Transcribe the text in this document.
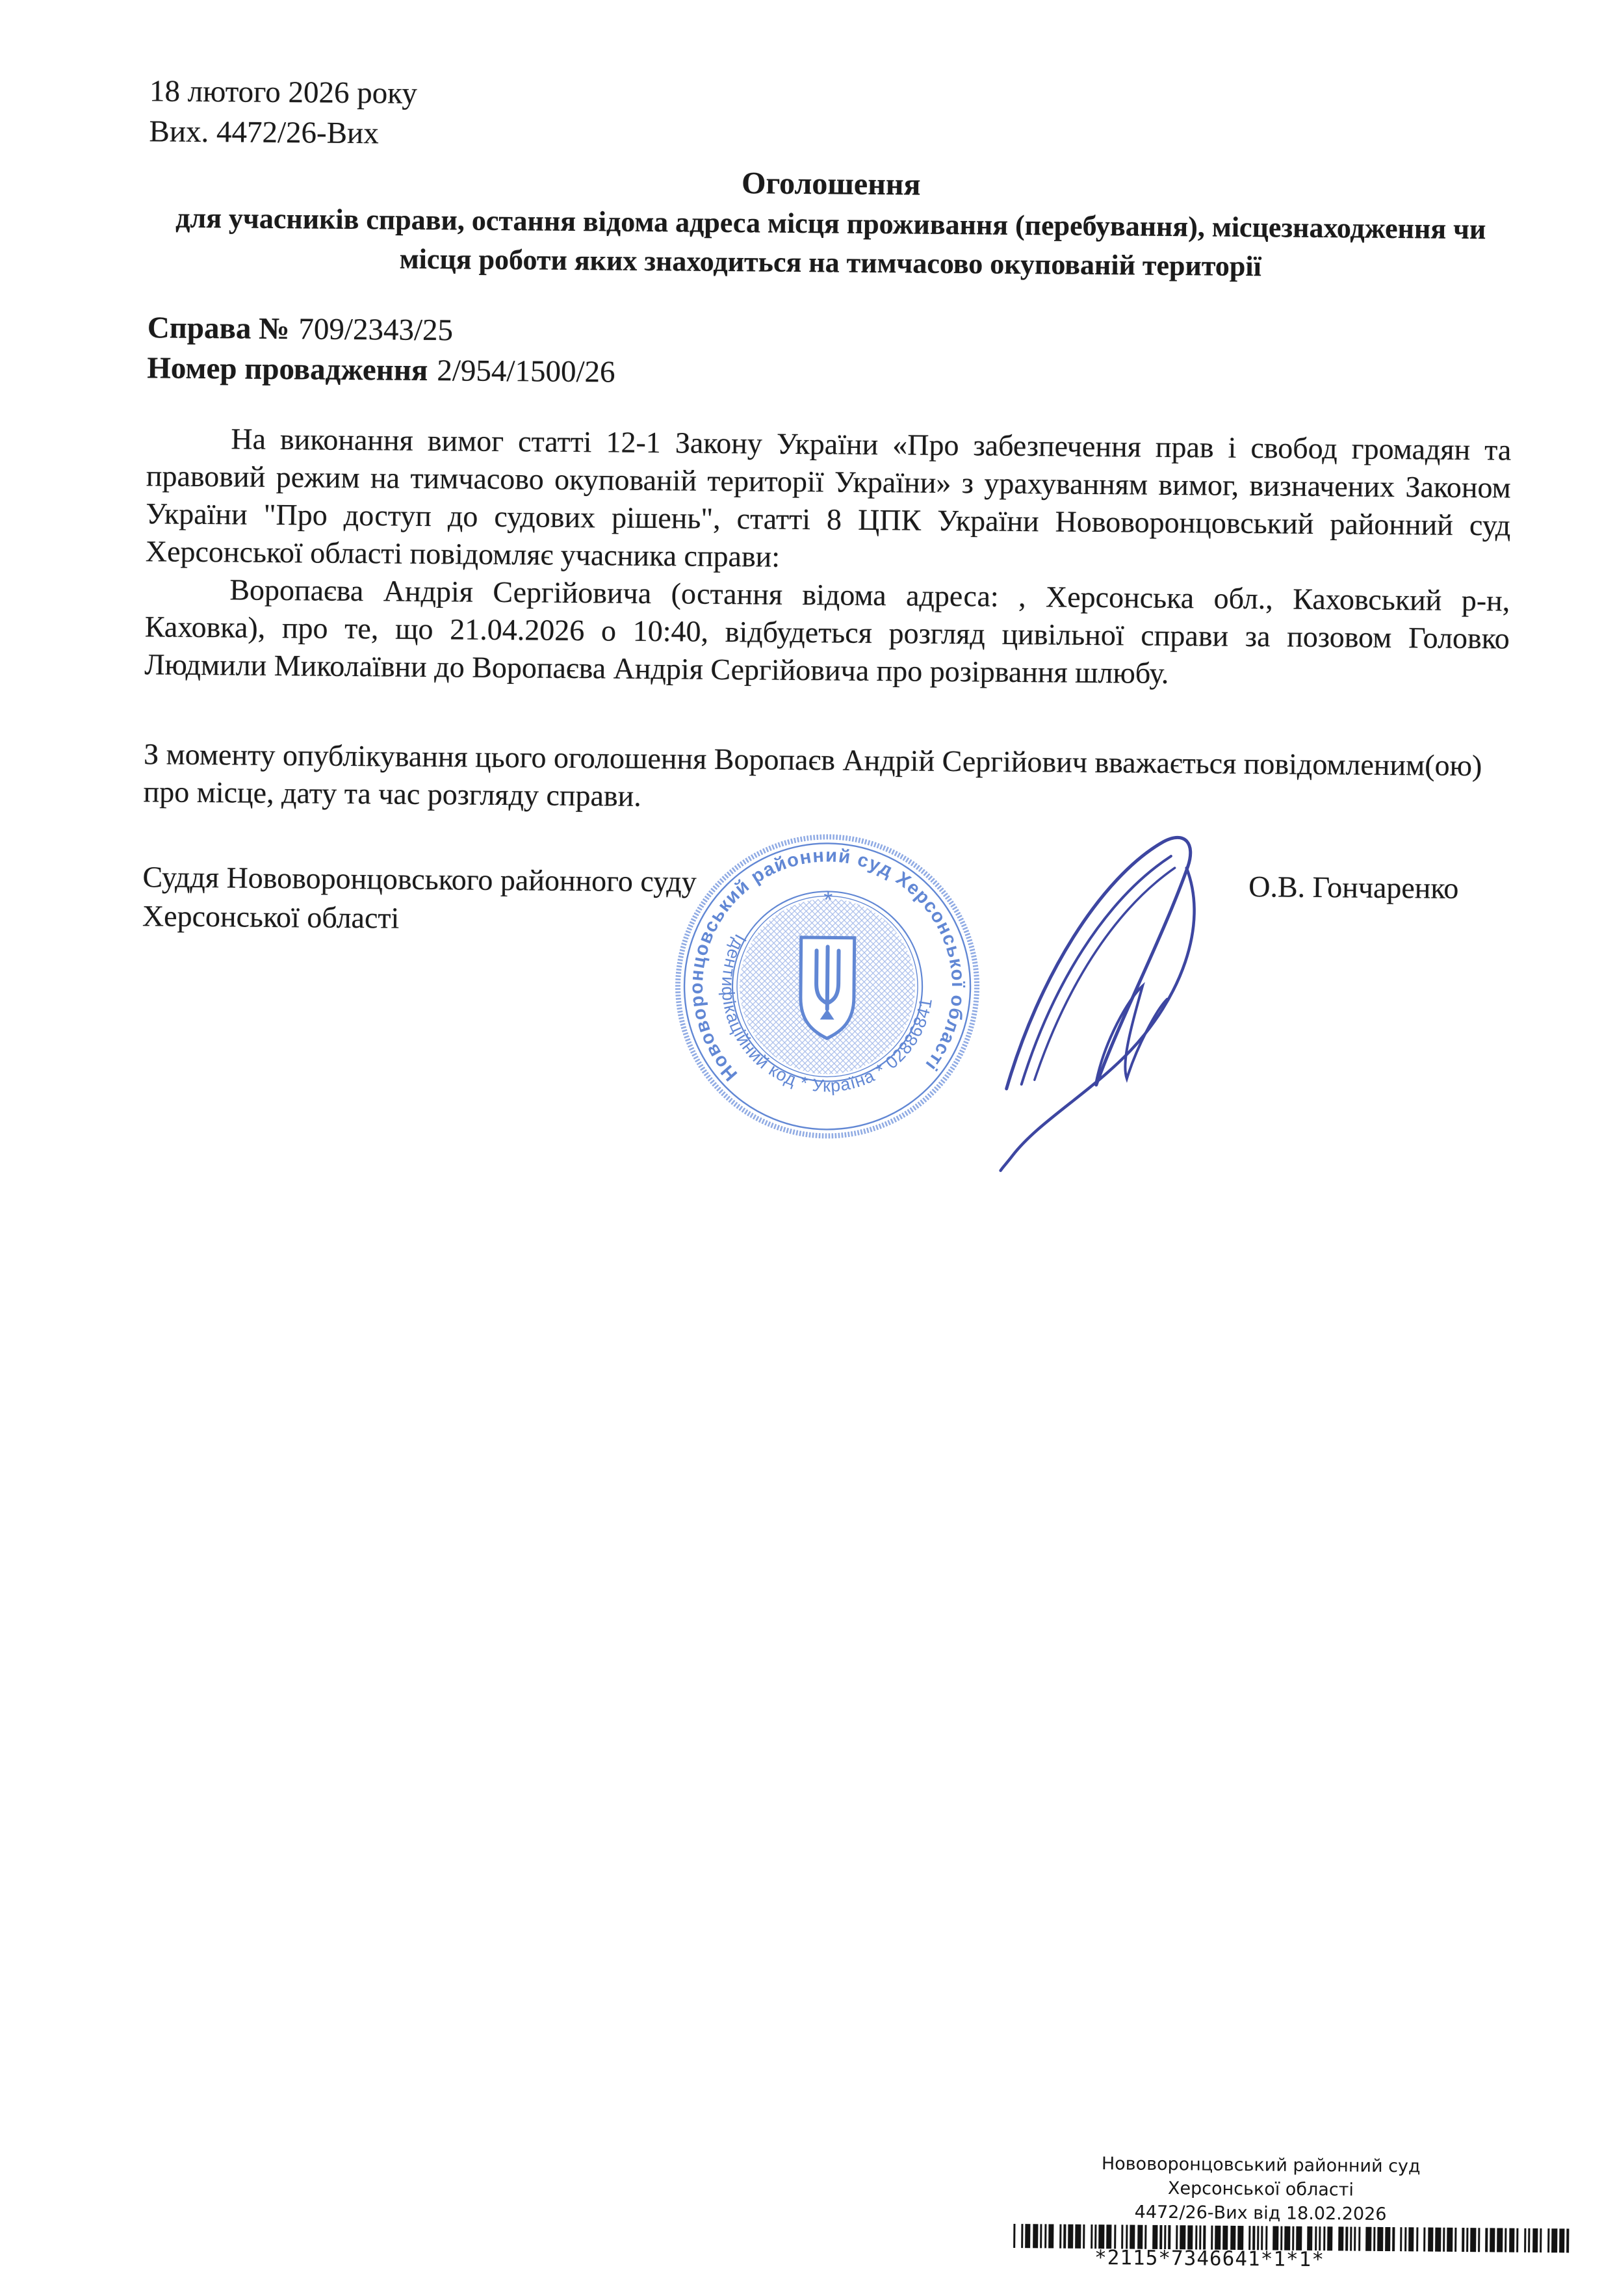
18 лютого 2026 року
Вих. 4472/26-Вих
Оголошення
для учасників справи, остання відома адреса місця проживання (перебування), місцезнаходження чи місця роботи яких знаходиться на тимчасово окупованій території
Справа № 709/2343/25
Номер провадження 2/954/1500/26

На виконання вимог статті 12-1 Закону України «Про забезпечення прав і свобод громадян та правовий режим на тимчасово окупованій території України» з урахуванням вимог, визначених Законом України "Про доступ до судових рішень", статті 8 ЦПК України Нововоронцовський районний суд Херсонської області повідомляє учасника справи:

Воропаєва Андрія Сергійовича (остання відома адреса: , Херсонська обл., Каховський р-н, Каховка), про те, що 21.04.2026 о 10:40, відбудеться розгляд цивільної справи за позовом Головко Людмили Миколаївни до Воропаєва Андрія Сергійовича про розірвання шлюбу.

З моменту опублікування цього оголошення Воропаєв Андрій Сергійович вважається повідомленим(ою) про місце, дату та час розгляду справи.

Суддя Нововоронцовського районного суду
Херсонської області
О.В. Гончаренко
Нововоронцовський районний суд Херсонської області
Ідентифікаційний код * Україна * 02886841
Нововоронцовський районний суд
Херсонської області
4472/26-Вих від 18.02.2026
*2115*7346641*1*1*
